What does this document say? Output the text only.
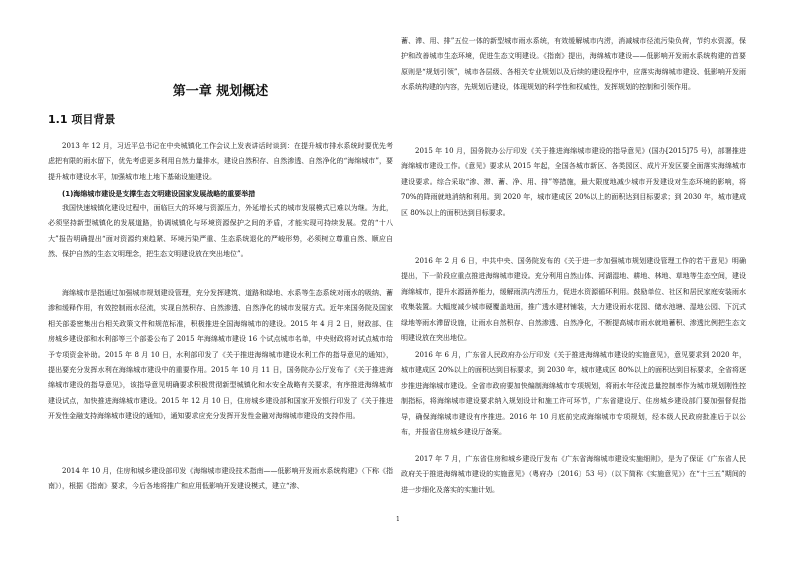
第一章 规划概述
1.1 项目背景

2013 年 12 月，习近平总书记在中央城镇化工作会议上发表讲话时谈到：在提升城市排水系统时要优先考虑把有限的雨水留下，优先考虑更多利用自然力量排水，建设自然积存、自然渗透、自然净化的“海绵城市”，要提升城市建设水平，加强城市地上地下基础设施建设。

(1)海绵城市建设是支撑生态文明建设国家发展战略的重要举措

我国快速城镇化建设过程中，面临巨大的环境与资源压力，外延增长式的城市发展模式已难以为继。为此，必须坚持新型城镇化的发展道路，协调城镇化与环境资源保护之间的矛盾，才能实现可持续发展。党的“十八大”报告明确提出“面对资源约束趋紧、环境污染严重、生态系统退化的严峻形势，必须树立尊重自然、顺应自然、保护自然的生态文明理念，把生态文明建设放在突出地位”。

海绵城市是指通过加强城市规划建设管理，充分发挥建筑、道路和绿地、水系等生态系统对雨水的吸纳、蓄渗和缓释作用，有效控制雨水径流，实现自然积存、自然渗透、自然净化的城市发展方式。近年来国务院及国家相关部委密集出台相关政策文件和规范标准，积极推进全国海绵城市的建设。2015 年 4 月 2 日，财政部、住房城乡建设部和水利部等三个部委公布了 2015 年海绵城市建设 16 个试点城市名单，中央财政将对试点城市给予专项资金补助。2015 年 8 月 10 日，水利部印发了《关于推进海绵城市建设水利工作的指导意见的通知》，提出要充分发挥水利在海绵城市建设中的重要作用。2015 年 10 月 11 日，国务院办公厅发布了《关于推进海绵城市建设的指导意见》，该指导意见明确要求积极贯彻新型城镇化和水安全战略有关要求，有序推进海绵城市建设试点，加快推进海绵城市建设。2015 年 12 月 10 日，住房城乡建设部和国家开发银行印发了《关于推进开发性金融支持海绵城市建设的通知》，通知要求应充分发挥开发性金融对海绵城市建设的支持作用。

2014 年 10 月，住房和城乡建设部印发《海绵城市建设技术指南——低影响开发雨水系统构建》（下称《指南》），根据《指南》要求，今后各地将推广和应用低影响开发建设模式，建立“渗、

蓄、滞、用、排”五位一体的新型城市雨水系统，有效缓解城市内涝，消减城市径流污染负荷，节约水资源，保护和改善城市生态环境，促进生态文明建设。《指南》提出，海绵城市建设——低影响开发雨水系统构建的首要原则是“规划引领”，城市各层级、各相关专业规划以及后续的建设程序中，应落实海绵城市建设、低影响开发雨水系统构建的内容，先规划后建设，体现规划的科学性和权威性，发挥规划的控制和引领作用。

2015 年 10 月，国务院办公厅印发《关于推进海绵城市建设的指导意见》(国办[2015]75 号)，部署推进海绵城市建设工作。《意见》要求从 2015 年起，全国各城市新区、各类园区、成片开发区要全面落实海绵城市建设要求。综合采取“渗、滞、蓄、净、用、排”等措施，最大限度地减少城市开发建设对生态环境的影响，将 70%的降雨就地消纳和利用。到 2020 年，城市建成区 20%以上的面积达到目标要求；到 2030 年，城市建成区 80%以上的面积达到目标要求。

2016 年 2 月 6 日，中共中央、国务院发布的《关于进一步加强城市规划建设管理工作的若干意见》明确提出，下一阶段应重点推进海绵城市建设。充分利用自然山体、河湖湿地、耕地、林地、草地等生态空间，建设海绵城市，提升水源涵养能力，缓解雨洪内涝压力，促进水资源循环利用。鼓励单位、社区和居民家庭安装雨水收集装置。大幅度减少城市硬覆盖地面，推广透水建材铺装，大力建设雨水花园、储水池塘、湿地公园、下沉式绿地等雨水滞留设施，让雨水自然积存、自然渗透、自然净化，不断提高城市雨水就地蓄积、渗透比例把生态文明建设放在突出地位。

2016 年 6 月，广东省人民政府办公厅印发《关于推进海绵城市建设的实施意见》，意见要求到 2020 年，城市建成区 20%以上的面积达到目标要求，到 2030 年，城市建成区 80%以上的面积达到目标要求，全省将逐步推进海绵城市建设。全省市政府要加快编制海绵城市专项规划，将雨水年径流总量控制率作为城市规划刚性控制指标，将海绵城市建设要求纳入规划设计和施工许可环节，广东省建设厅、住房城乡建设部门要加强督促指导，确保海绵城市建设有序推进。2016 年 10 月底前完成海绵城市专项规划，经本级人民政府批准后于以公布，并报省住房城乡建设厅备案。

2017 年 7 月，广东省住房和城乡建设厅发布《广东省海绵城市建设实施细则》，是为了保证《广东省人民政府关于推进海绵城市建设的实施意见》（粤府办〔2016〕53 号）（以下简称《实施意见》）在“十三五”期间的进一步细化及落实的实施计划。

1
